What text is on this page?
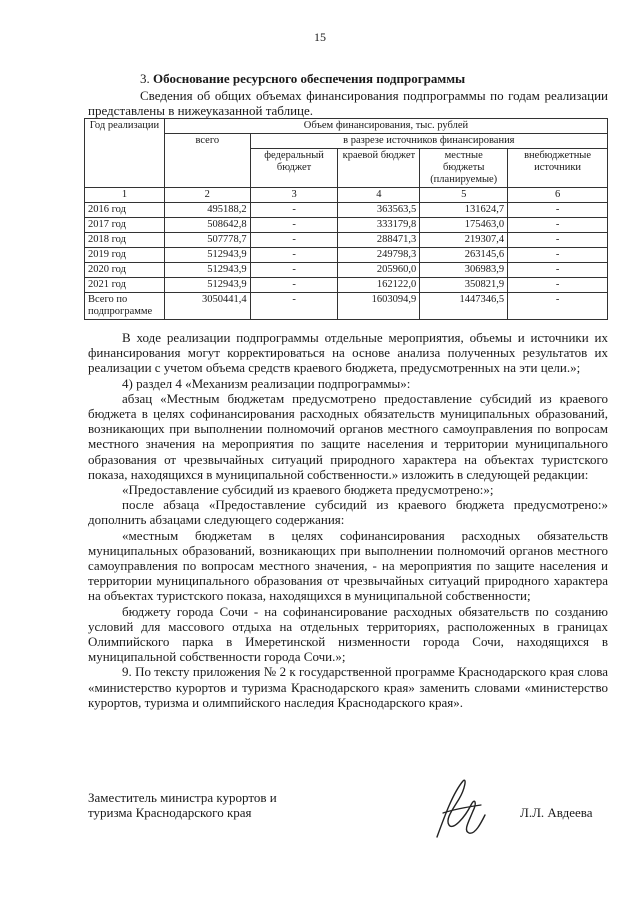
15
3. Обоснование ресурсного обеспечения подпрограммы
Сведения об общих объемах финансирования подпрограммы по годам реализации представлены в нижеуказанной таблице.
Год реализации	Объем финансирования, тыс. рублей				
	всего	в разрезе источников финансирования			
		федеральный бюджет	краевой бюджет	местные бюджеты (планируемые)	внебюджетные источники
1	2	3	4	5	6
2016 год	495188,2	-	363563,5	131624,7	-
2017 год	508642,8	-	333179,8	175463,0	-
2018 год	507778,7	-	288471,3	219307,4	-
2019 год	512943,9	-	249798,3	263145,6	-
2020 год	512943,9	-	205960,0	306983,9	-
2021 год	512943,9	-	162122,0	350821,9	-
Всего по подпрограмме	3050441,4	-	1603094,9	1447346,5	-

В ходе реализации подпрограммы отдельные мероприятия, объемы и источники их финансирования могут корректироваться на основе анализа полученных результатов их реализации с учетом объема средств краевого бюджета, предусмотренных на эти цели.»;

4) раздел 4 «Механизм реализации подпрограммы»:

абзац «Местным бюджетам предусмотрено предоставление субсидий из краевого бюджета в целях софинансирования расходных обязательств муниципальных образований, возникающих при выполнении полномочий органов местного самоуправления по вопросам местного значения на мероприятия по защите населения и территории муниципального образования от чрезвычайных ситуаций природного характера на объектах туристского показа, находящихся в муниципальной собственности.» изложить в следующей редакции:

«Предоставление субсидий из краевого бюджета предусмотрено:»;

после абзаца «Предоставление субсидий из краевого бюджета предусмотрено:» дополнить абзацами следующего содержания:

«местным бюджетам в целях софинансирования расходных обязательств муниципальных образований, возникающих при выполнении полномочий органов местного самоуправления по вопросам местного значения, - на мероприятия по защите населения и территории муниципального образования от чрезвычайных ситуаций природного характера на объектах туристского показа, находящихся в муниципальной собственности;

бюджету города Сочи - на софинансирование расходных обязательств по созданию условий для массового отдыха на отдельных территориях, расположенных в границах Олимпийского парка в Имеретинской низменности города Сочи, находящихся в муниципальной собственности города Сочи.»;

9. По тексту приложения № 2 к государственной программе Краснодарского края слова «министерство курортов и туризма Краснодарского края» заменить словами «министерство курортов, туризма и олимпийского наследия Краснодарского края».

Заместитель министра курортов и
туризма Краснодарского края	Л.Л. Авдеева
